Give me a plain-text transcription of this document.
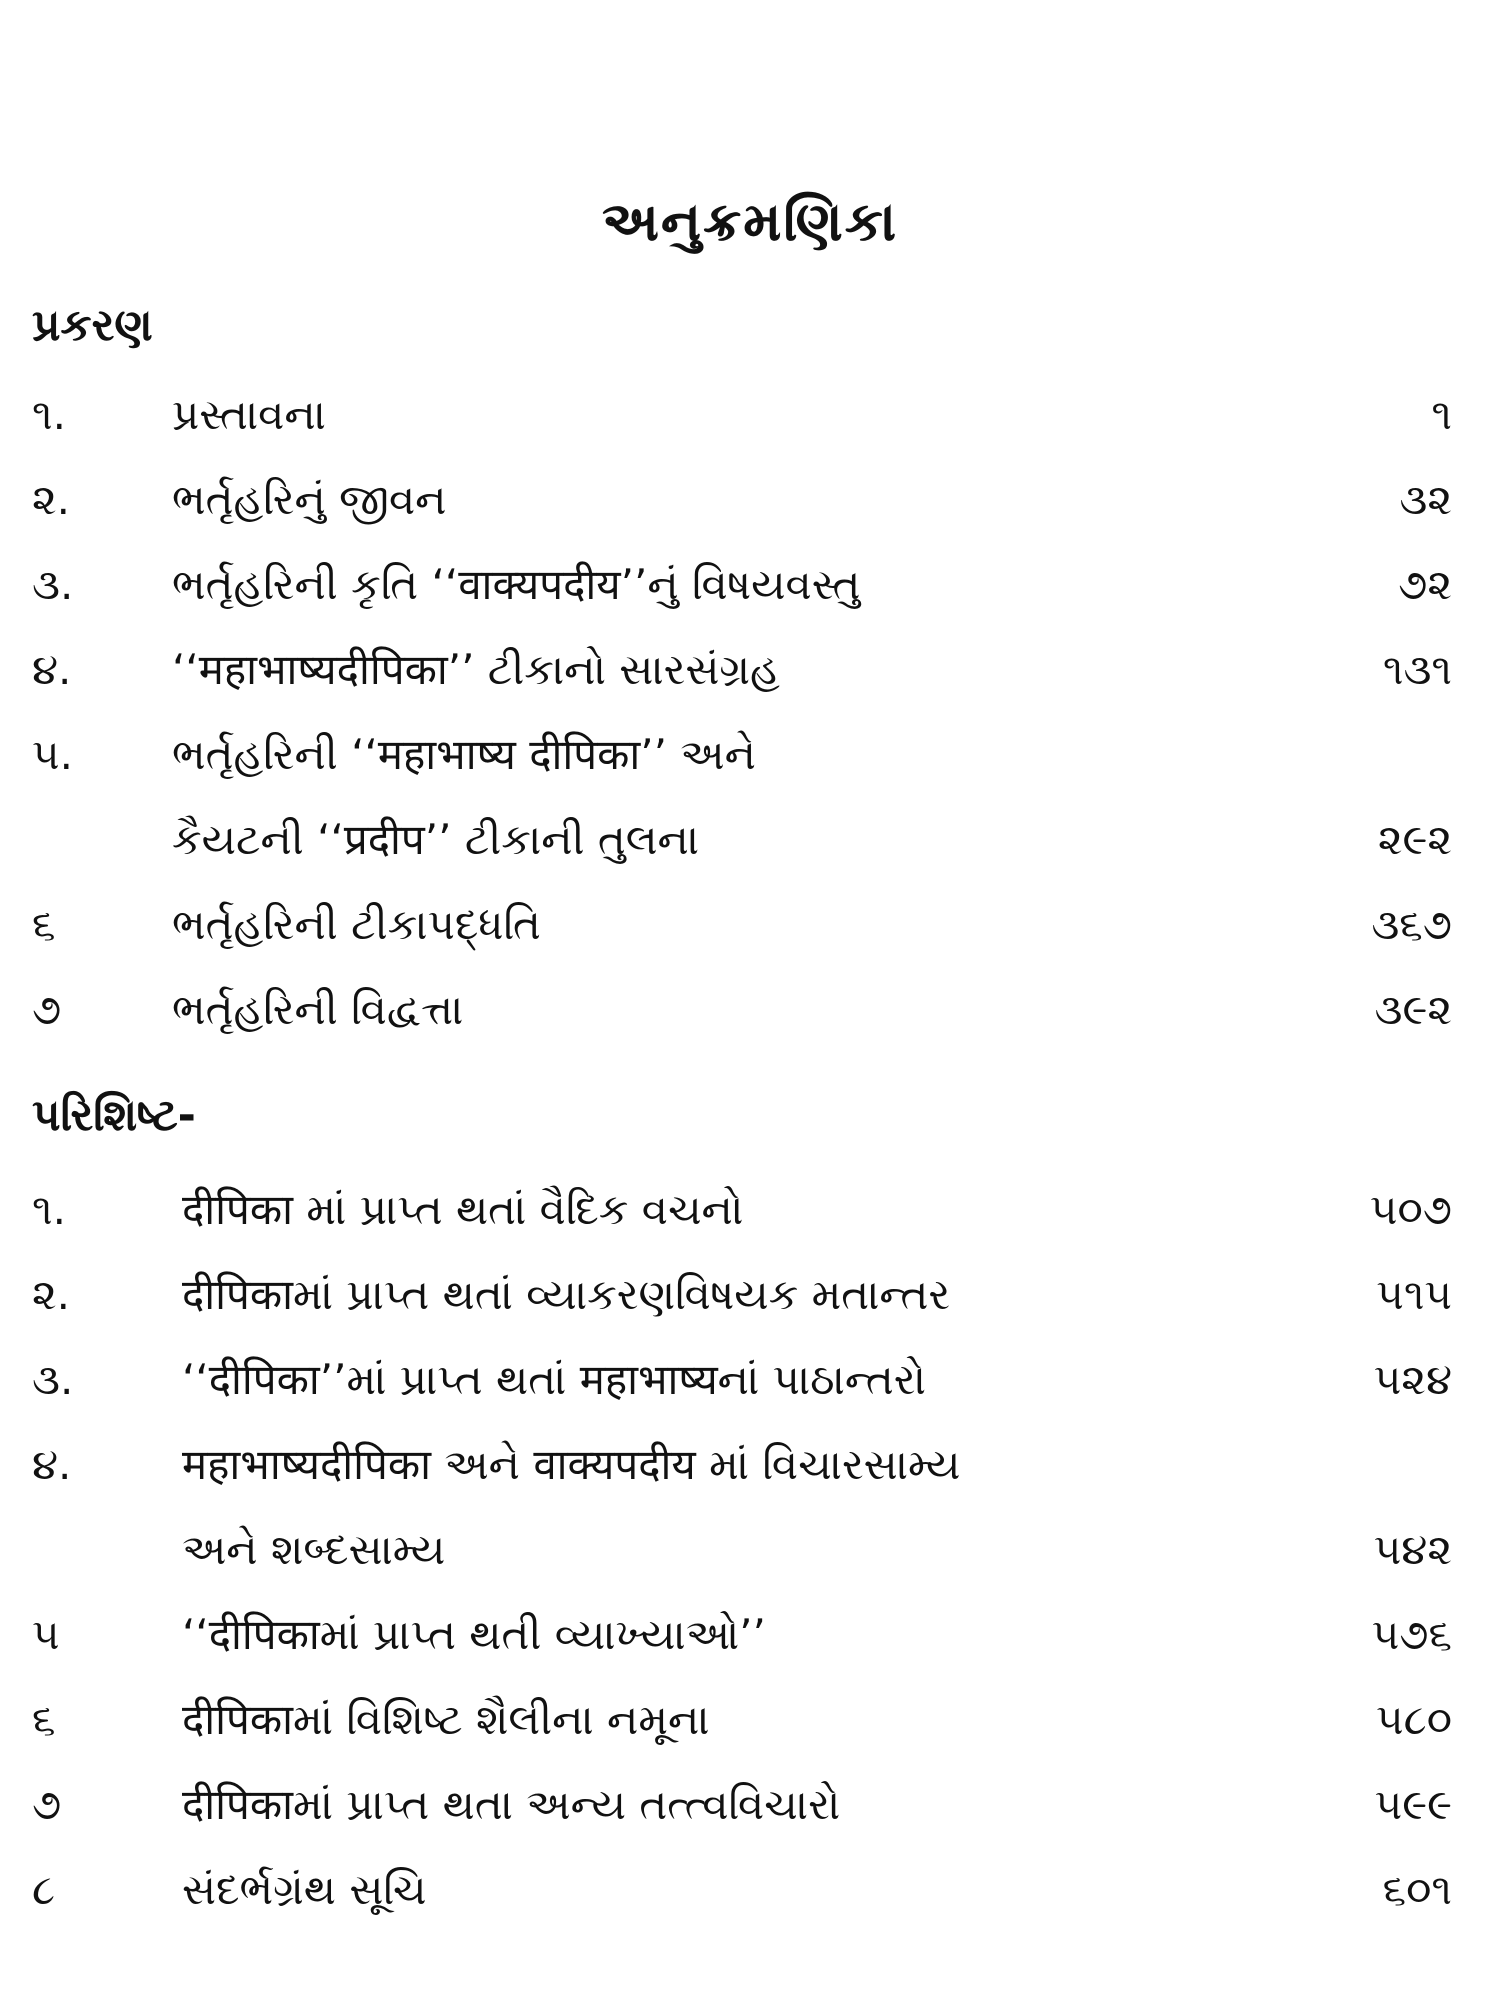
અનુક્રમણિકા
પ્રકરણ
૧.	પ્રસ્તાવના	૧
૨.	ભર્તૃહરિનું જીવન	૩૨
૩.	ભર્તૃહરિની કૃતિ ‘‘वाक्यपदीय’’નું વિષયવસ્તુ	૭૨
૪.	‘‘महाभाष्यदीपिका’’ ટીકાનો સારસંગ્રહ	૧૩૧
૫.	ભર્તૃહરિની ‘‘महाभाष्य दीपिका’’ અને
કૈયટની ‘‘प्रदीप’’ ટીકાની તુલના	૨૯૨
૬	ભર્તૃહરિની ટીકાપદ્ધતિ	૩૬૭
૭	ભર્તૃહરિની વિદ્વત્તા	૩૯૨
પરિશિષ્ટ-
૧.	दीपिका માં પ્રાપ્ત થતાં વૈદિક વચનો	૫૦૭
૨.	दीपिकाમાં પ્રાપ્ત થતાં વ્યાકરણવિષયક મતાન્તર	૫૧૫
૩.	‘‘दीपिका’’માં પ્રાપ્ત થતાં महाभाष्यનાં પાઠાન્તરો	૫૨૪
૪.	महाभाष्यदीपिका અને वाक्यपदीय માં વિચારસામ્ય
અને શબ્દસામ્ય	૫૪૨
૫	‘‘दीपिकाમાં પ્રાપ્ત થતી વ્યાખ્યાઓ’’	૫૭૬
૬	दीपिकाમાં વિશિષ્ટ શૈલીના નમૂના	૫૮૦
૭	दीपिकाમાં પ્રાપ્ત થતા અન્ય તત્ત્વવિચારો	૫૯૯
૮	સંદર્ભગ્રંથ સૂચિ	૬૦૧
